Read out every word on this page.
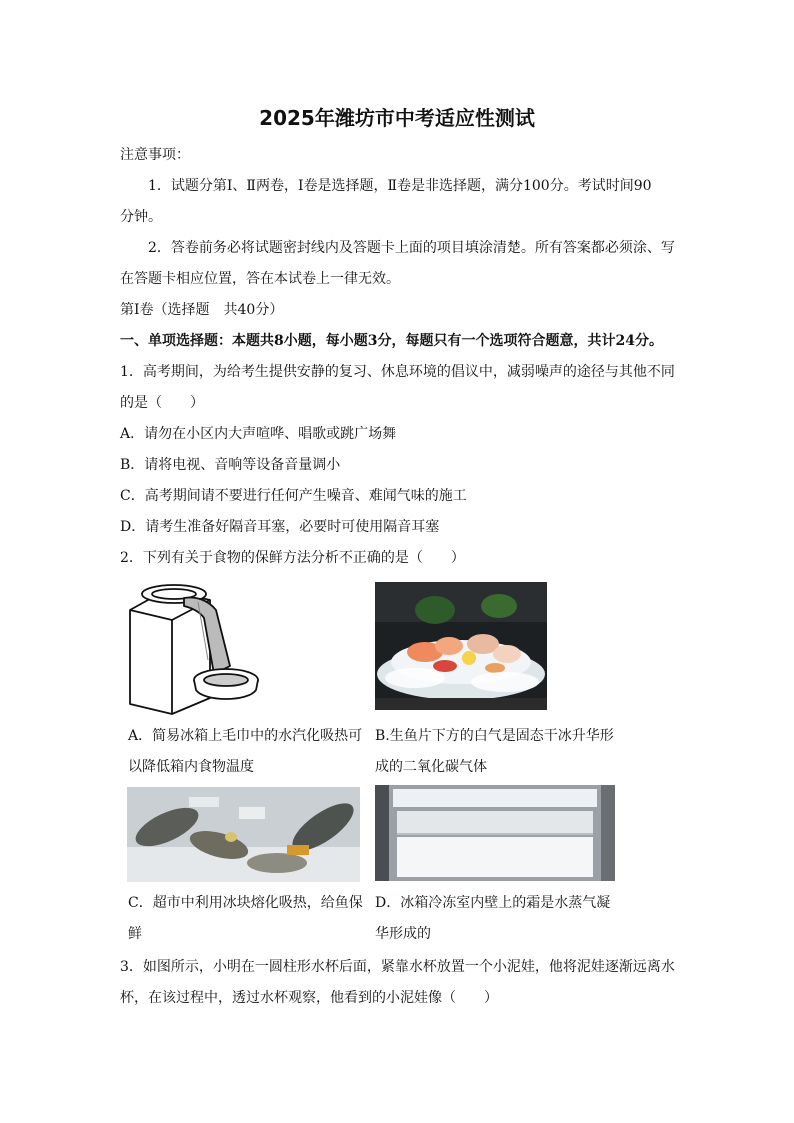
2025年潍坊市中考适应性测试
注意事项：
1．试题分第Ⅰ、Ⅱ两卷，Ⅰ卷是选择题，Ⅱ卷是非选择题，满分100分。考试时间90
分钟。
2．答卷前务必将试题密封线内及答题卡上面的项目填涂清楚。所有答案都必须涂、写
在答题卡相应位置，答在本试卷上一律无效。
第Ⅰ卷（选择题　共40分）
一、单项选择题：本题共8小题，每小题3分，每题只有一个选项符合题意，共计24分。
1．高考期间，为给考生提供安静的复习、休息环境的倡议中，减弱噪声的途径与其他不同
的是（　　）
A．请勿在小区内大声喧哗、唱歌或跳广场舞
B．请将电视、音响等设备音量调小
C．高考期间请不要进行任何产生噪音、难闻气味的施工
D．请考生准备好隔音耳塞，必要时可使用隔音耳塞
2．下列有关于食物的保鲜方法分析不正确的是（　　）
A．简易冰箱上毛巾中的水汽化吸热可
以降低箱内食物温度
B.生鱼片下方的白气是固态干冰升华形
成的二氧化碳气体
C．超市中利用冰块熔化吸热，给鱼保
鲜
D．冰箱冷冻室内壁上的霜是水蒸气凝
华形成的
3．如图所示，小明在一圆柱形水杯后面，紧靠水杯放置一个小泥娃，他将泥娃逐渐远离水
杯，在该过程中，透过水杯观察，他看到的小泥娃像（　　）
